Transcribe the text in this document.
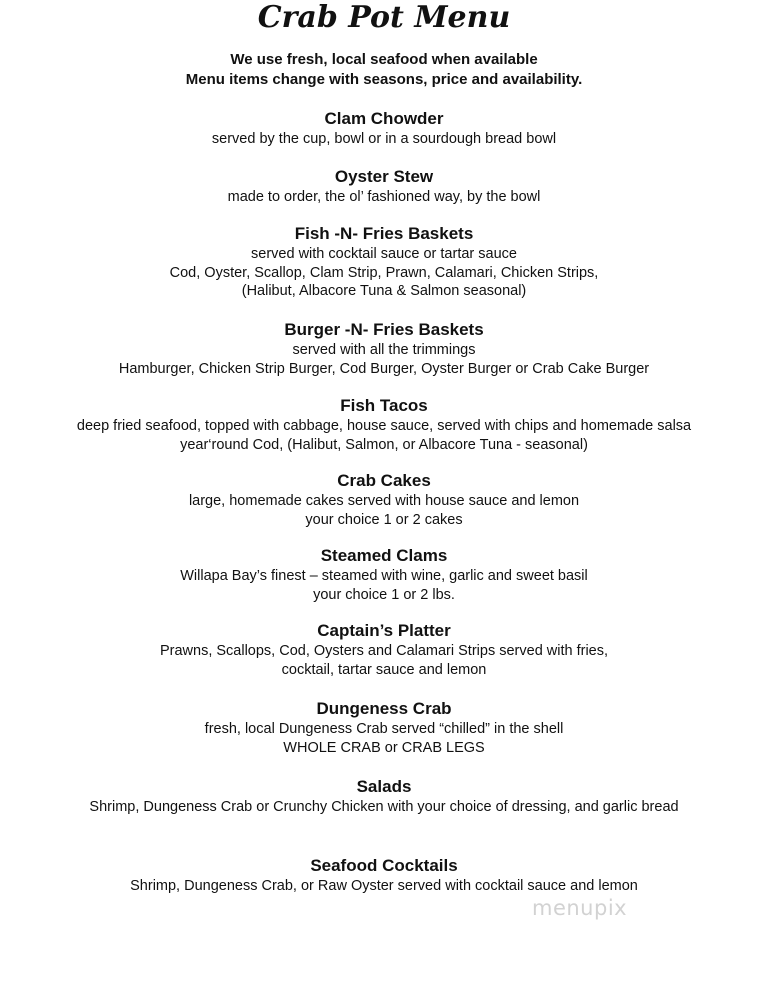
Crab Pot Menu
We use fresh, local seafood when available
Menu items change with seasons, price and availability.
Clam Chowder

served by the cup, bowl or in a sourdough bread bowl

Oyster Stew

made to order, the ol’ fashioned way, by the bowl

Fish -N- Fries Baskets

served with cocktail sauce or tartar sauce

Cod, Oyster, Scallop, Clam Strip, Prawn, Calamari, Chicken Strips,

(Halibut, Albacore Tuna & Salmon seasonal)

Burger -N- Fries Baskets

served with all the trimmings

Hamburger, Chicken Strip Burger, Cod Burger, Oyster Burger or Crab Cake Burger

Fish Tacos

deep fried seafood, topped with cabbage, house sauce, served with chips and homemade salsa

year‘round Cod, (Halibut, Salmon, or Albacore Tuna - seasonal)

Crab Cakes

large, homemade cakes served with house sauce and lemon

your choice 1 or 2 cakes

Steamed Clams

Willapa Bay’s finest – steamed with wine, garlic and sweet basil

your choice 1 or 2 lbs.

Captain’s Platter

Prawns, Scallops, Cod, Oysters and Calamari Strips served with fries,

cocktail, tartar sauce and lemon

Dungeness Crab

fresh, local Dungeness Crab served “chilled” in the shell

WHOLE CRAB or CRAB LEGS

Salads

Shrimp, Dungeness Crab or Crunchy Chicken with your choice of dressing, and garlic bread

Seafood Cocktails

Shrimp, Dungeness Crab, or Raw Oyster served with cocktail sauce and lemon

menupix
